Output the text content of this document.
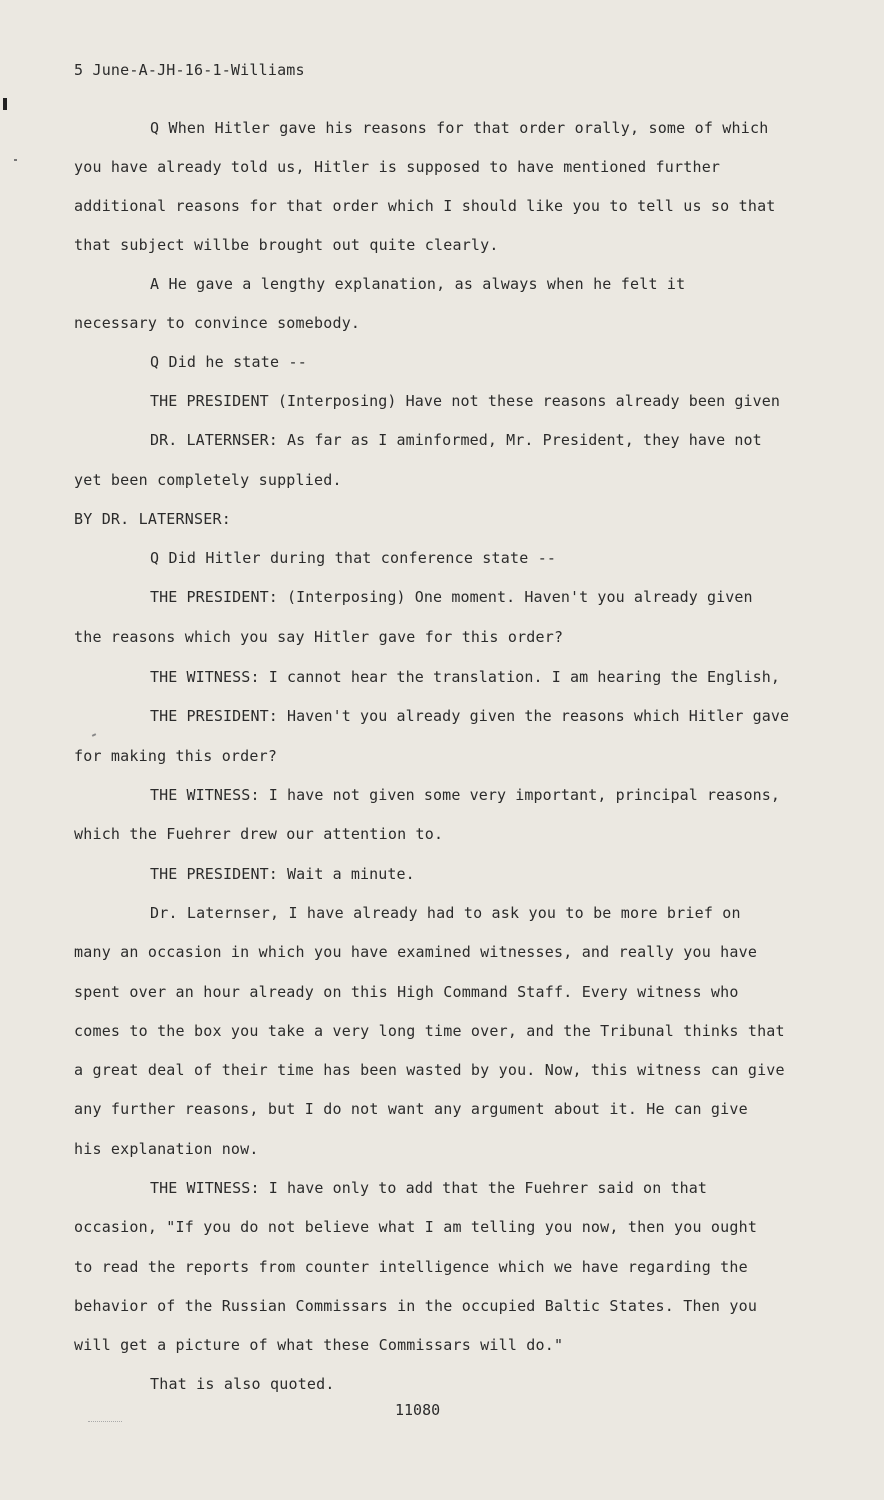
5 June-A-JH-16-1-Williams
Q When Hitler gave his reasons for that order orally, some of which
you have already told us, Hitler is supposed to have mentioned further
additional reasons for that order which I should like you to tell us so that
that subject willbe brought out quite clearly.
A He gave a lengthy explanation, as always when he felt it
necessary to convince somebody.
Q Did he state --
THE PRESIDENT (Interposing) Have not these reasons already been given
DR. LATERNSER: As far as I aminformed, Mr. President, they have not
yet been completely supplied.
BY DR. LATERNSER:
Q Did Hitler during that conference state --
THE PRESIDENT: (Interposing) One moment. Haven't you already given
the reasons which you say Hitler gave for this order?
THE WITNESS: I cannot hear the translation. I am hearing the English,
THE PRESIDENT: Haven't you already given the reasons which Hitler gave
for making this order?
THE WITNESS: I have not given some very important, principal reasons,
which the Fuehrer drew our attention to.
THE PRESIDENT: Wait a minute.
Dr. Laternser, I have already had to ask you to be more brief on
many an occasion in which you have examined witnesses, and really you have
spent over an hour already on this High Command Staff. Every witness who
comes to the box you take a very long time over, and the Tribunal thinks that
a great deal of their time has been wasted by you. Now, this witness can give
any further reasons, but I do not want any argument about it. He can give
his explanation now.
THE WITNESS: I have only to add that the Fuehrer said on that
occasion, "If you do not believe what I am telling you now, then you ought
to read the reports from counter intelligence which we have regarding the
behavior of the Russian Commissars in the occupied Baltic States. Then you
will get a picture of what these Commissars will do."
That is also quoted.
11080
